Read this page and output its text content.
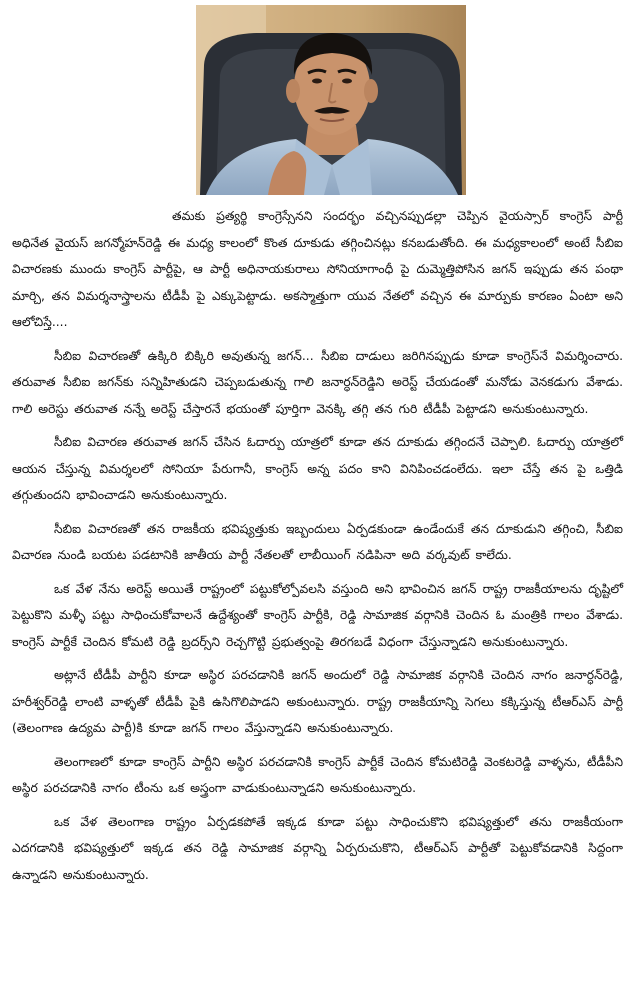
తమకు ప్రత్యర్థి కాంగ్రెస్సేనని సందర్భం వచ్చినప్పుడల్లా చెప్పిన వైయస్సార్ కాంగ్రెస్ పార్టీ అధినేత వైయస్ జగన్మోహన్‌రెడ్డి ఈ మధ్య కాలంలో కొంత దూకుడు తగ్గించినట్లు కనబడుతోంది. ఈ మధ్యకాలంలో అంటే సీబిఐ విచారణకు ముందు కాంగ్రెస్ పార్టీపై, ఆ పార్టీ అధినాయకురాలు సోనియాగాంధీ పై దుమ్మెత్తిపోసిన జగన్ ఇప్పుడు తన పంథా మార్చి, తన విమర్శనాస్త్రాలను టీడీపీ పై ఎక్కుపెట్టాడు. అకస్మాత్తుగా యువ నేతలో వచ్చిన ఈ మార్పుకు కారణం ఏంటా అని ఆలోచిస్తే....

సీబిఐ విచారణతో ఉక్కిరి బిక్కిరి అవుతున్న జగన్... సీబిఐ దాడులు జరిగినప్పుడు కూడా కాంగ్రెస్‌నే విమర్శించారు. తరువాత సీబిఐ జగన్‌కు సన్నిహితుడని చెప్పబడుతున్న గాలి జనార్ధన్‌రెడ్డిని అరెస్ట్ చేయడంతో మనోడు వెనకడుగు వేశాడు. గాలి అరెస్టు తరువాత నన్నే అరెస్ట్ చేస్తారనే భయంతో పూర్తిగా వెనక్కి తగ్గి తన గురి టీడీపీ పెట్టాడని అనుకుంటున్నారు.

సీబిఐ విచారణ తరువాత జగన్ చేసిన ఓదార్పు యాత్రలో కూడా తన దూకుడు తగ్గిందనే చెప్పాలి. ఓదార్పు యాత్రలో ఆయన చేస్తున్న విమర్శలలో సోనియా పేరుగానీ, కాంగ్రెస్ అన్న పదం కాని వినిపించడంలేదు. ఇలా చేస్తే తన పై ఒత్తిడి తగ్గుతుందని భావించాడని అనుకుంటున్నారు.

సీబిఐ విచారణతో తన రాజకీయ భవిష్యత్తుకు ఇబ్బందులు ఏర్పడకుండా ఉండేందుకే తన దూకుడుని తగ్గించి, సీబిఐ విచారణ నుండి బయట పడటానికి జాతీయ పార్టీ నేతలతో లాబీయింగ్ నడిపినా అది వర్కవుట్ కాలేదు.

ఒక వేళ నేను అరెస్ట్ అయితే రాష్ట్రంలో పట్టుకోల్పోవలసి వస్తుంది అని భావించిన జగన్ రాష్ట్ర రాజకీయాలను దృష్టిలో పెట్టుకొని మళ్ళీ పట్టు సాధించుకోవాలనే ఉద్దేశ్యంతో కాంగ్రెస్ పార్టీకి, రెడ్డి సామాజిక వర్గానికి చెందిన ఓ మంత్రికి గాలం వేశాడు. కాంగ్రెస్ పార్టీకే చెందిన కోమటి రెడ్డి బ్రదర్స్‌ని రెచ్చగొట్టి ప్రభుత్వంపై తిరగబడే విధంగా చేస్తున్నాడని అనుకుంటున్నారు.

అట్లానే టీడీపీ పార్టీని కూడా అస్థిర పరచడానికి జగన్ అందులో రెడ్డి సామాజిక వర్గానికి చెందిన నాగం జనార్ధన్‌రెడ్డి, హరీశ్వర్‌రెడ్డి లాంటి వాళ్ళతో టీడీపీ పైకి ఉసిగొలిపాడని అకుంటున్నారు. రాష్ట్ర రాజకీయాన్ని సెగలు కక్కిస్తున్న టీఆర్ఎస్ పార్టీ (తెలంగాణ ఉద్యమ పార్టీ)కి కూడా జగన్ గాలం వేస్తున్నాడని అనుకుంటున్నారు.

తెలంగాణలో కూడా కాంగ్రెస్ పార్టీని అస్థిర పరచడానికి కాంగ్రెస్ పార్టీకే చెందిన కోమటిరెడ్డి వెంకటరెడ్డి వాళ్ళను, టీడీపీని అస్థిర పరచడానికి నాగం టీంను ఒక అస్త్రంగా వాడుకుంటున్నాడని అనుకుంటున్నారు.

ఒక వేళ తెలంగాణ రాష్ట్రం ఏర్పడకపోతే ఇక్కడ కూడా పట్టు సాధించుకొని భవిష్యత్తులో తను రాజకీయంగా ఎదగడానికి భవిష్యత్తులో ఇక్కడ తన రెడ్డి సామాజిక వర్గాన్ని ఏర్పరుచుకొని, టీఆర్ఎస్ పార్టీతో పెట్టుకోవడానికి సిద్దంగా ఉన్నాడని అనుకుంటున్నారు.
